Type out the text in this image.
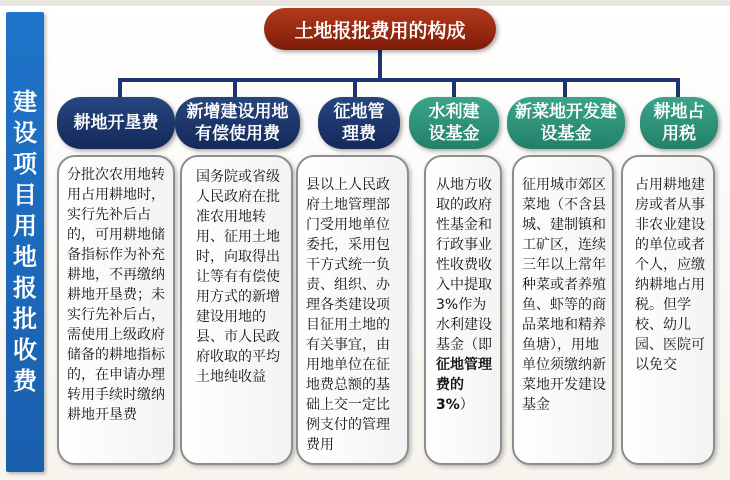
建设项目用地报批收费
土地报批费用的构成
耕地开垦费
新增建设用地有偿使用费
征地管理费
水利建设基金
新菜地开发建设基金
耕地占用税
分批次农用地转用占用耕地时，实行先补后占的，可用耕地储备指标作为补充耕地，不再缴纳耕地开垦费；未实行先补后占，需使用上级政府储备的耕地指标的，在申请办理转用手续时缴纳耕地开垦费
国务院或省级人民政府在批准农用地转用、征用土地时，向取得出让等有有偿使用方式的新增建设用地的县、市人民政府收取的平均土地纯收益
县以上人民政府土地管理部门受用地单位委托，采用包干方式统一负责、组织、办理各类建设项目征用土地的有关事宜，由用地单位在征地费总额的基础上交一定比例支付的管理费用
从地方收取的政府性基金和行政事业性收费收入中提取3%作为水利建设基金（即征地管理费的3%）
征用城市郊区菜地（不含县城、建制镇和工矿区，连续三年以上常年种菜或者养殖鱼、虾等的商品菜地和精养鱼塘），用地单位须缴纳新菜地开发建设基金
占用耕地建房或者从事非农业建设的单位或者个人，应缴纳耕地占用税。但学校、幼儿园、医院可以免交
